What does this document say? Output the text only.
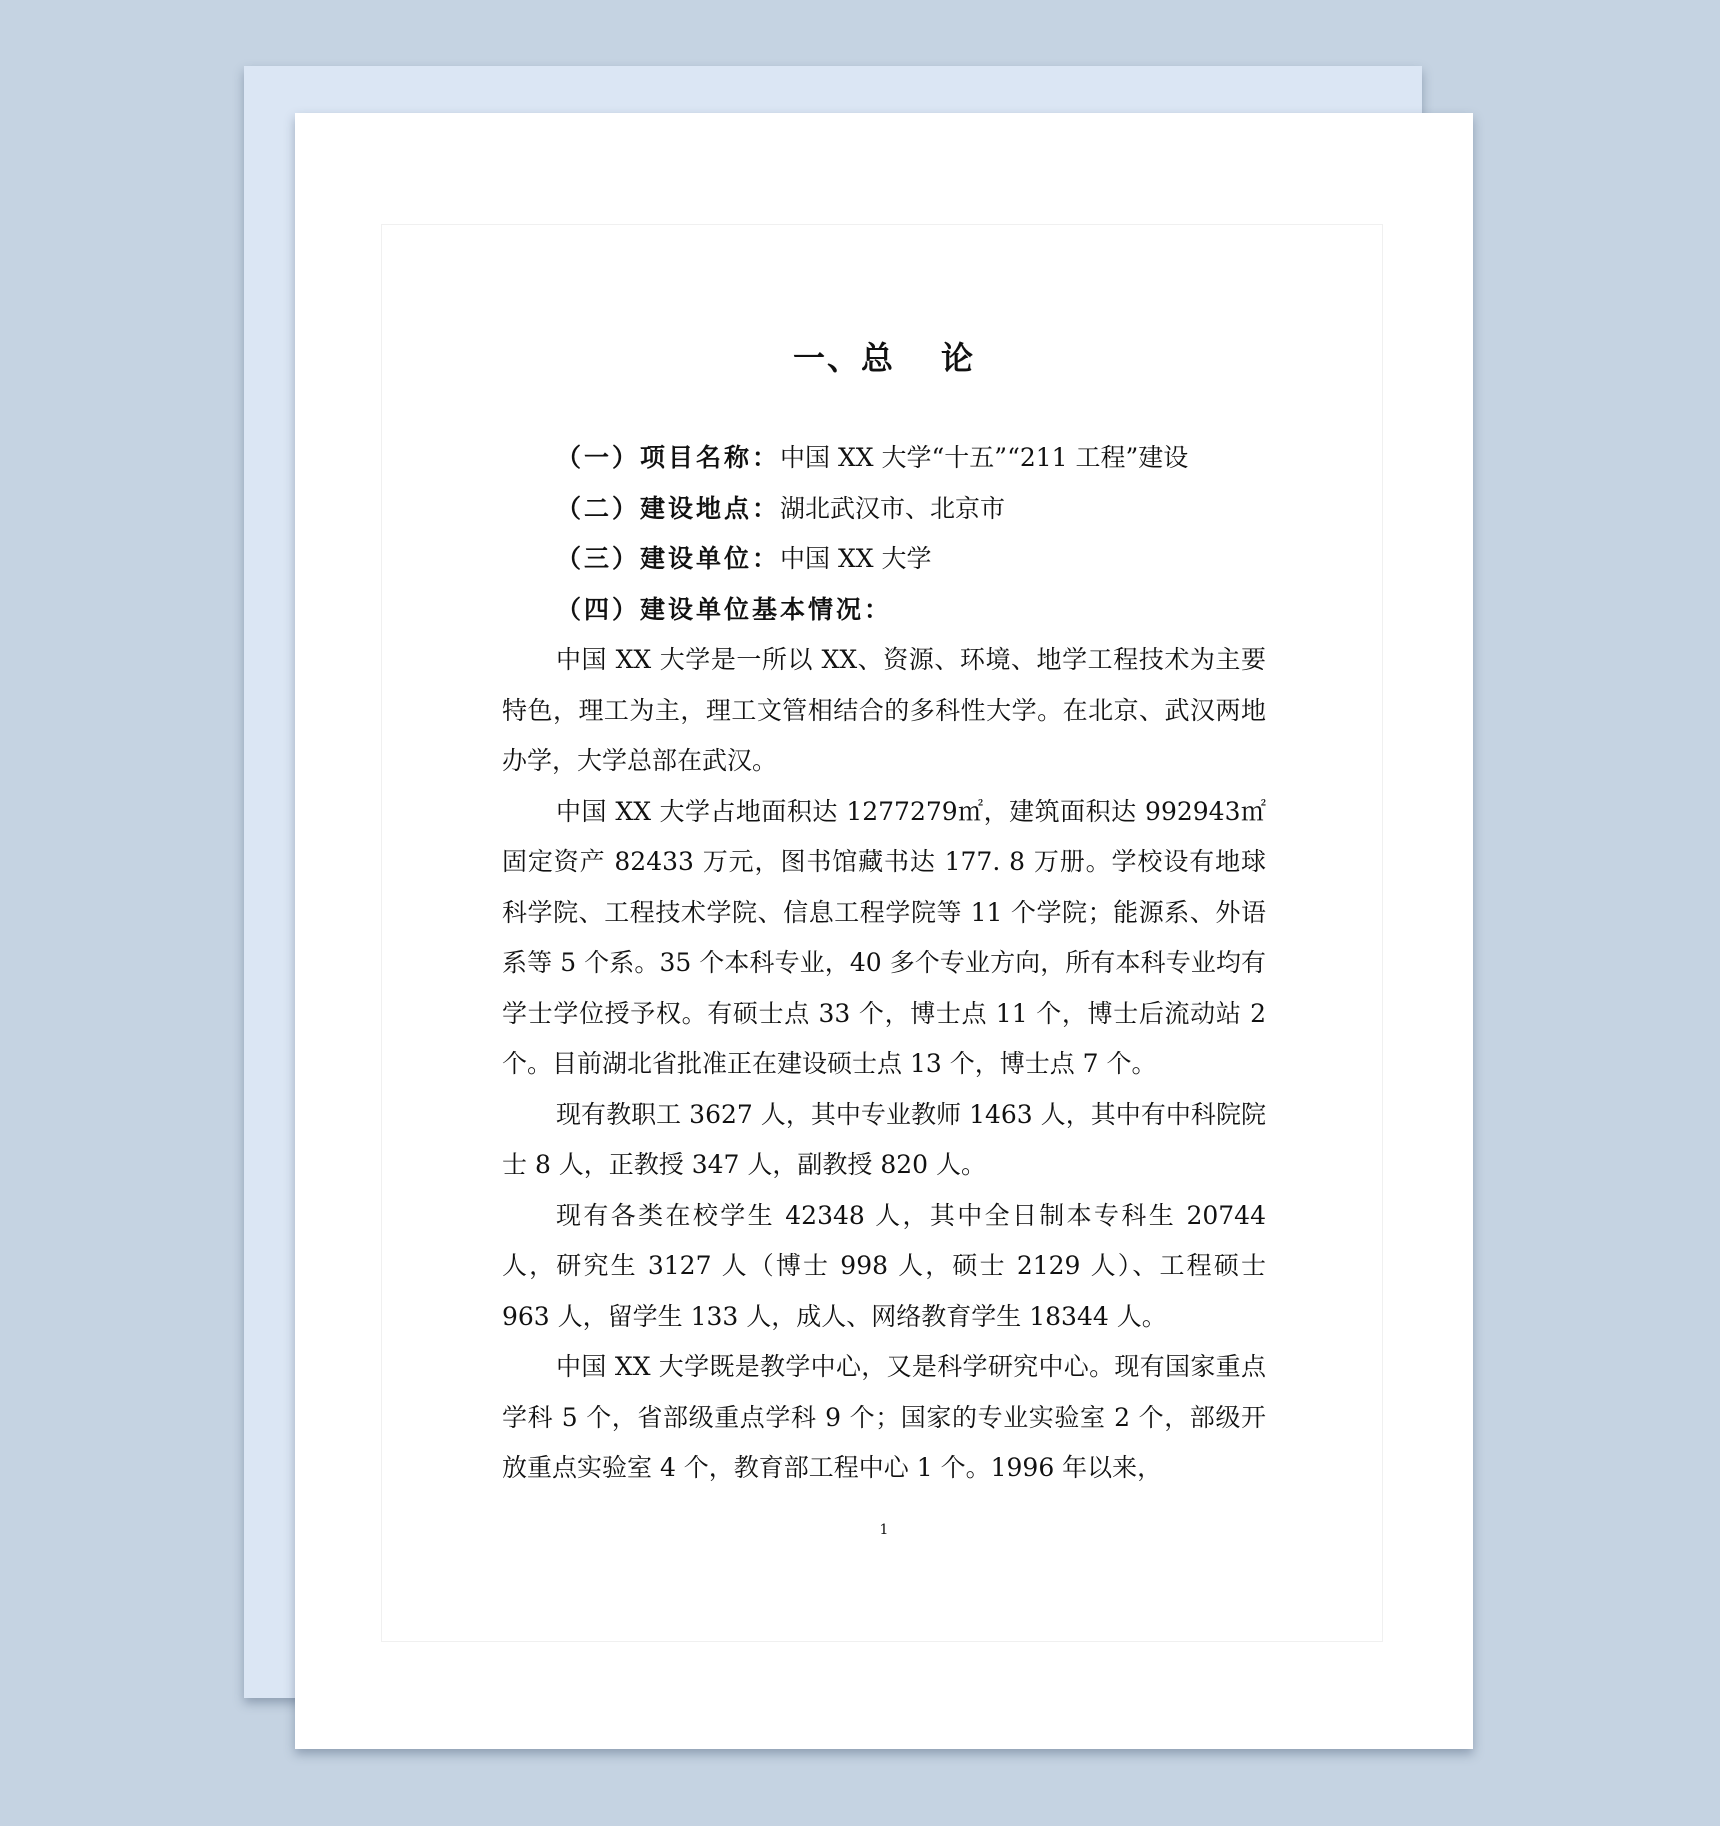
一、总 论
（一）项目名称：中国 XX 大学“十五”“211 工程”建设
（二）建设地点：湖北武汉市、北京市
（三）建设单位：中国 XX 大学
（四）建设单位基本情况：

中国 XX 大学是一所以 XX、资源、环境、地学工程技术为主要特色，理工为主，理工文管相结合的多科性大学。在北京、武汉两地办学，大学总部在武汉。

中国 XX 大学占地面积达 1277279㎡，建筑面积达 992943㎡固定资产 82433 万元，图书馆藏书达 177. 8 万册。学校设有地球科学院、工程技术学院、信息工程学院等 11 个学院；能源系、外语系等 5 个系。35 个本科专业，40 多个专业方向，所有本科专业均有学士学位授予权。有硕士点 33 个，博士点 11 个，博士后流动站 2 个。目前湖北省批准正在建设硕士点 13 个，博士点 7 个。

现有教职工 3627 人，其中专业教师 1463 人，其中有中科院院士 8 人，正教授 347 人，副教授 820 人。

现有各类在校学生 42348 人，其中全日制本专科生 20744 人，研究生 3127 人（博士 998 人，硕士 2129 人）、工程硕士 963 人，留学生 133 人，成人、网络教育学生 18344 人。

中国 XX 大学既是教学中心，又是科学研究中心。现有国家重点学科 5 个，省部级重点学科 9 个；国家的专业实验室 2 个，部级开放重点实验室 4 个，教育部工程中心 1 个。1996 年以来，

1
